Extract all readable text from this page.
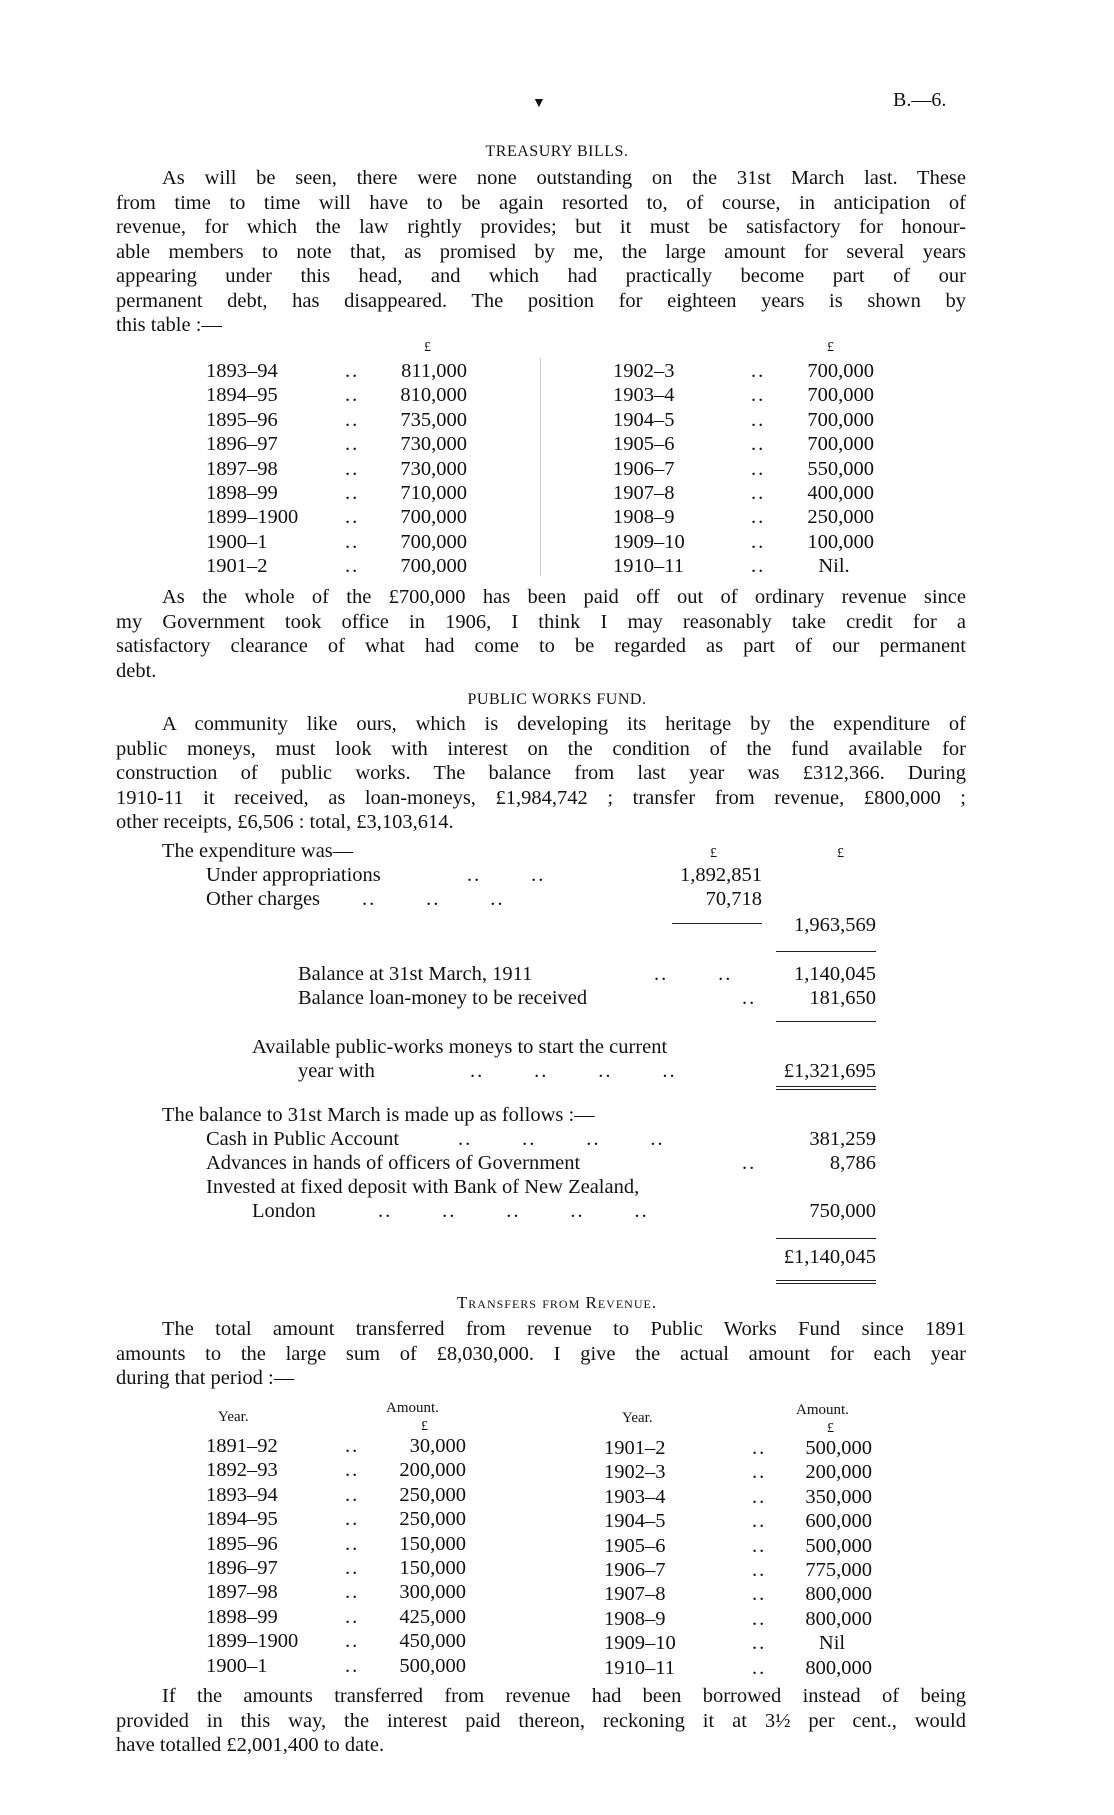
▼	B.—6.
TREASURY BILLS.
As will be seen, there were none outstanding on the 31st March last. These
from time to time will have to be again resorted to, of course, in anticipation of
revenue, for which the law rightly provides; but it must be satisfactory for honour-
able members to note that, as promised by me, the large amount for several years
appearing under this head, and which had practically become part of our
permanent debt, has disappeared. The position for eighteen years is shown by
this table :—
£	£
1893–94	..	811,000
1894–95	..	810,000
1895–96	..	735,000
1896–97	..	730,000
1897–98	..	730,000
1898–99	..	710,000
1899–1900 ..	700,000
1900–1	..	700,000
1901–2	..	700,000
1902–3	..	700,000
1903–4	..	700,000
1904–5	..	700,000
1905–6	..	700,000
1906–7	..	550,000
1907–8	..	400,000
1908–9	..	250,000
1909–10	..	100,000
1910–11	..	Nil.
As the whole of the £700,000 has been paid off out of ordinary revenue since
my Government took office in 1906, I think I may reasonably take credit for a
satisfactory clearance of what had come to be regarded as part of our permanent
debt.
PUBLIC WORKS FUND.
A community like ours, which is developing its heritage by the expenditure of
public moneys, must look with interest on the condition of the fund available for
construction of public works. The balance from last year was £312,366. During
1910-11 it received, as loan-moneys, £1,984,742 ; transfer from revenue, £800,000 ;
other receipts, £6,506 : total, £3,103,614.
The expenditure was—	£	£
Under appropriations	..       ..	1,892,851
Other charges ..       ..       ..	70,718
1,963,569
Balance at 31st March, 1911	..       ..	1,140,045
Balance loan-money to be received	..	181,650
Available public-works moneys to start the current
year with	..       ..       ..       ..	£1,321,695
The balance to 31st March is made up as follows :—
Cash in Public Account	..       ..       ..       ..	381,259
Advances in hands of officers of Government	..	8,786
Invested at fixed deposit with Bank of New Zealand,
London	..       ..       ..       ..       ..	750,000
£1,140,045
Transfers from Revenue.
The total amount transferred from revenue to Public Works Fund since 1891
amounts to the large sum of £8,030,000. I give the actual amount for each year
during that period :—
Year.
Amount.
£
Year.	Amount.
£
1891–92	..	30,000
1892–93	..	200,000
1893–94	..	250,000
1894–95	..	250,000
1895–96	..	150,000
1896–97	..	150,000
1897–98	..	300,000
1898–99	..	425,000
1899–1900 ..	450,000
1900–1	..	500,000
1901–2	..	500,000
1902–3	..	200,000
1903–4	..	350,000
1904–5	..	600,000
1905–6	..	500,000
1906–7	..	775,000
1907–8	..	800,000
1908–9	..	800,000
1909–10	..	Nil
1910–11	..	800,000
If the amounts transferred from revenue had been borrowed instead of being
provided in this way, the interest paid thereon, reckoning it at 3½ per cent., would
have totalled £2,001,400 to date.
